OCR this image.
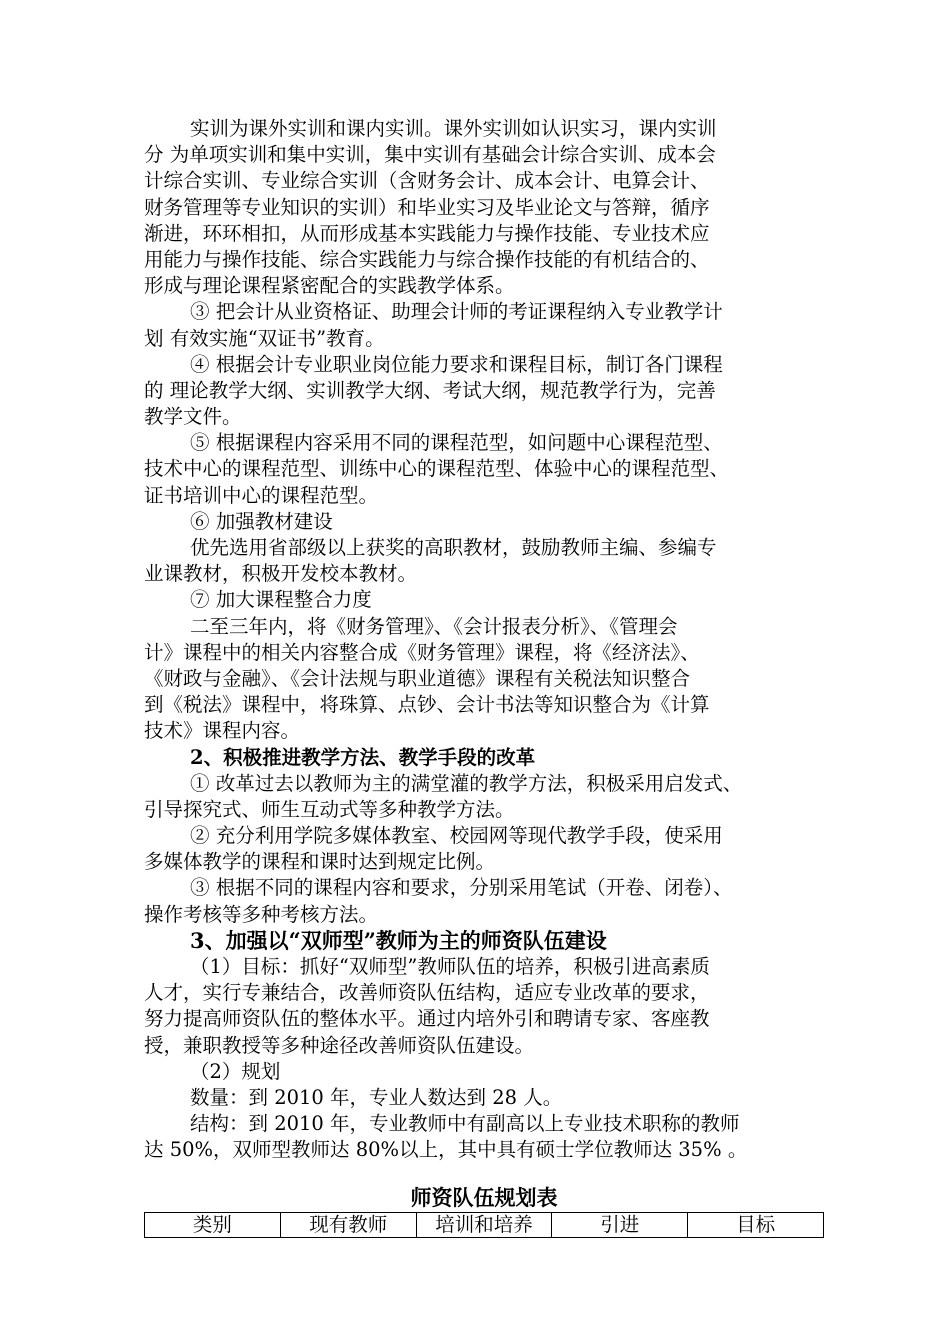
实训为课外实训和课内实训。课外实训如认识实习，课内实训
分 为单项实训和集中实训，集中实训有基础会计综合实训、成本会
计综合实训、专业综合实训（含财务会计、成本会计、电算会计、
财务管理等专业知识的实训）和毕业实习及毕业论文与答辩，循序
渐进，环环相扣，从而形成基本实践能力与操作技能、专业技术应
用能力与操作技能、综合实践能力与综合操作技能的有机结合的、
形成与理论课程紧密配合的实践教学体系。
③ 把会计从业资格证、助理会计师的考证课程纳入专业教学计
划 有效实施“双证书”教育。
④ 根据会计专业职业岗位能力要求和课程目标，制订各门课程
的 理论教学大纲、实训教学大纲、考试大纲，规范教学行为，完善
教学文件。
⑤ 根据课程内容采用不同的课程范型，如问题中心课程范型、
技术中心的课程范型、训练中心的课程范型、体验中心的课程范型、
证书培训中心的课程范型。
⑥ 加强教材建设
优先选用省部级以上获奖的高职教材，鼓励教师主编、参编专
业课教材，积极开发校本教材。
⑦ 加大课程整合力度
二至三年内，将《财务管理》、《会计报表分析》、《管理会
计》课程中的相关内容整合成《财务管理》课程，将《经济法》、
《财政与金融》、《会计法规与职业道德》课程有关税法知识整合
到《税法》课程中，将珠算、点钞、会计书法等知识整合为《计算
技术》课程内容。
2、积极推进教学方法、教学手段的改革
① 改革过去以教师为主的满堂灌的教学方法，积极采用启发式、
引导探究式、师生互动式等多种教学方法。
② 充分利用学院多媒体教室、校园网等现代教学手段，使采用
多媒体教学的课程和课时达到规定比例。
③ 根据不同的课程内容和要求，分别采用笔试（开卷、闭卷）、
操作考核等多种考核方法。
3、加强以“双师型”教师为主的师资队伍建设
（1）目标：抓好“双师型”教师队伍的培养，积极引进高素质
人才，实行专兼结合，改善师资队伍结构，适应专业改革的要求，
努力提高师资队伍的整体水平。通过内培外引和聘请专家、客座教
授，兼职教授等多种途径改善师资队伍建设。
（2）规划
数量：到 2010 年，专业人数达到 28 人。
结构：到 2010 年，专业教师中有副高以上专业技术职称的教师
达 50%，双师型教师达 80%以上，其中具有硕士学位教师达 35% 。
师资队伍规划表
类别	现有教师	培训和培养	引进	目标
